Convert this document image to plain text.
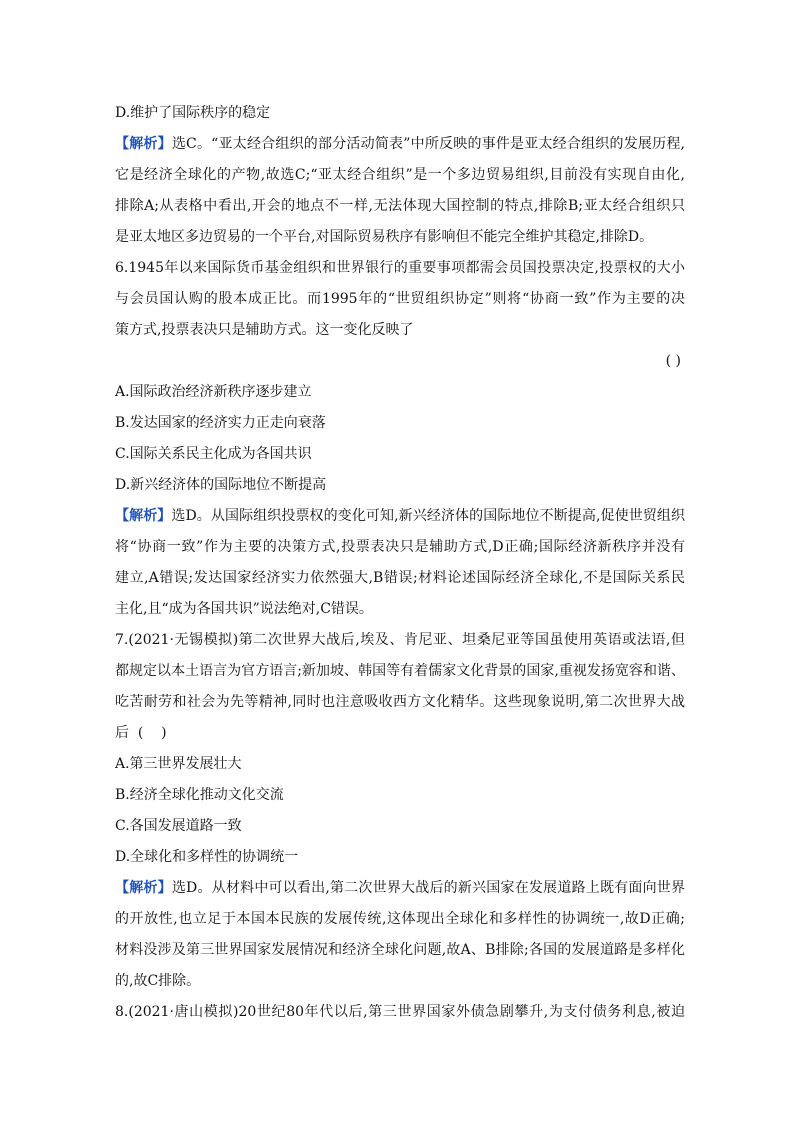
D.维护了国际秩序的稳定
【解析】选C。“亚太经合组织的部分活动简表”中所反映的事件是亚太经合组织的发展历程,
它是经济全球化的产物,故选C;“亚太经合组织”是一个多边贸易组织,目前没有实现自由化,
排除A;从表格中看出,开会的地点不一样,无法体现大国控制的特点,排除B;亚太经合组织只
是亚太地区多边贸易的一个平台,对国际贸易秩序有影响但不能完全维护其稳定,排除D。
6.1945年以来国际货币基金组织和世界银行的重要事项都需会员国投票决定,投票权的大小
与会员国认购的股本成正比。而1995年的“世贸组织协定”则将“协商一致”作为主要的决
策方式,投票表决只是辅助方式。这一变化反映了
( )
A.国际政治经济新秩序逐步建立
B.发达国家的经济实力正走向衰落
C.国际关系民主化成为各国共识
D.新兴经济体的国际地位不断提高
【解析】选D。从国际组织投票权的变化可知,新兴经济体的国际地位不断提高,促使世贸组织
将“协商一致”作为主要的决策方式,投票表决只是辅助方式,D正确;国际经济新秩序并没有
建立,A错误;发达国家经济实力依然强大,B错误;材料论述国际经济全球化,不是国际关系民
主化,且“成为各国共识”说法绝对,C错误。
7.(2021·无锡模拟)第二次世界大战后,埃及、肯尼亚、坦桑尼亚等国虽使用英语或法语,但
都规定以本土语言为官方语言;新加坡、韩国等有着儒家文化背景的国家,重视发扬宽容和谐、
吃苦耐劳和社会为先等精神,同时也注意吸收西方文化精华。这些现象说明,第二次世界大战
后  (    )
A.第三世界发展壮大
B.经济全球化推动文化交流
C.各国发展道路一致
D.全球化和多样性的协调统一
【解析】选D。从材料中可以看出,第二次世界大战后的新兴国家在发展道路上既有面向世界
的开放性,也立足于本国本民族的发展传统,这体现出全球化和多样性的协调统一,故D正确;
材料没涉及第三世界国家发展情况和经济全球化问题,故A、B排除;各国的发展道路是多样化
的,故C排除。
8.(2021·唐山模拟)20世纪80年代以后,第三世界国家外债急剧攀升,为支付债务利息,被迫
